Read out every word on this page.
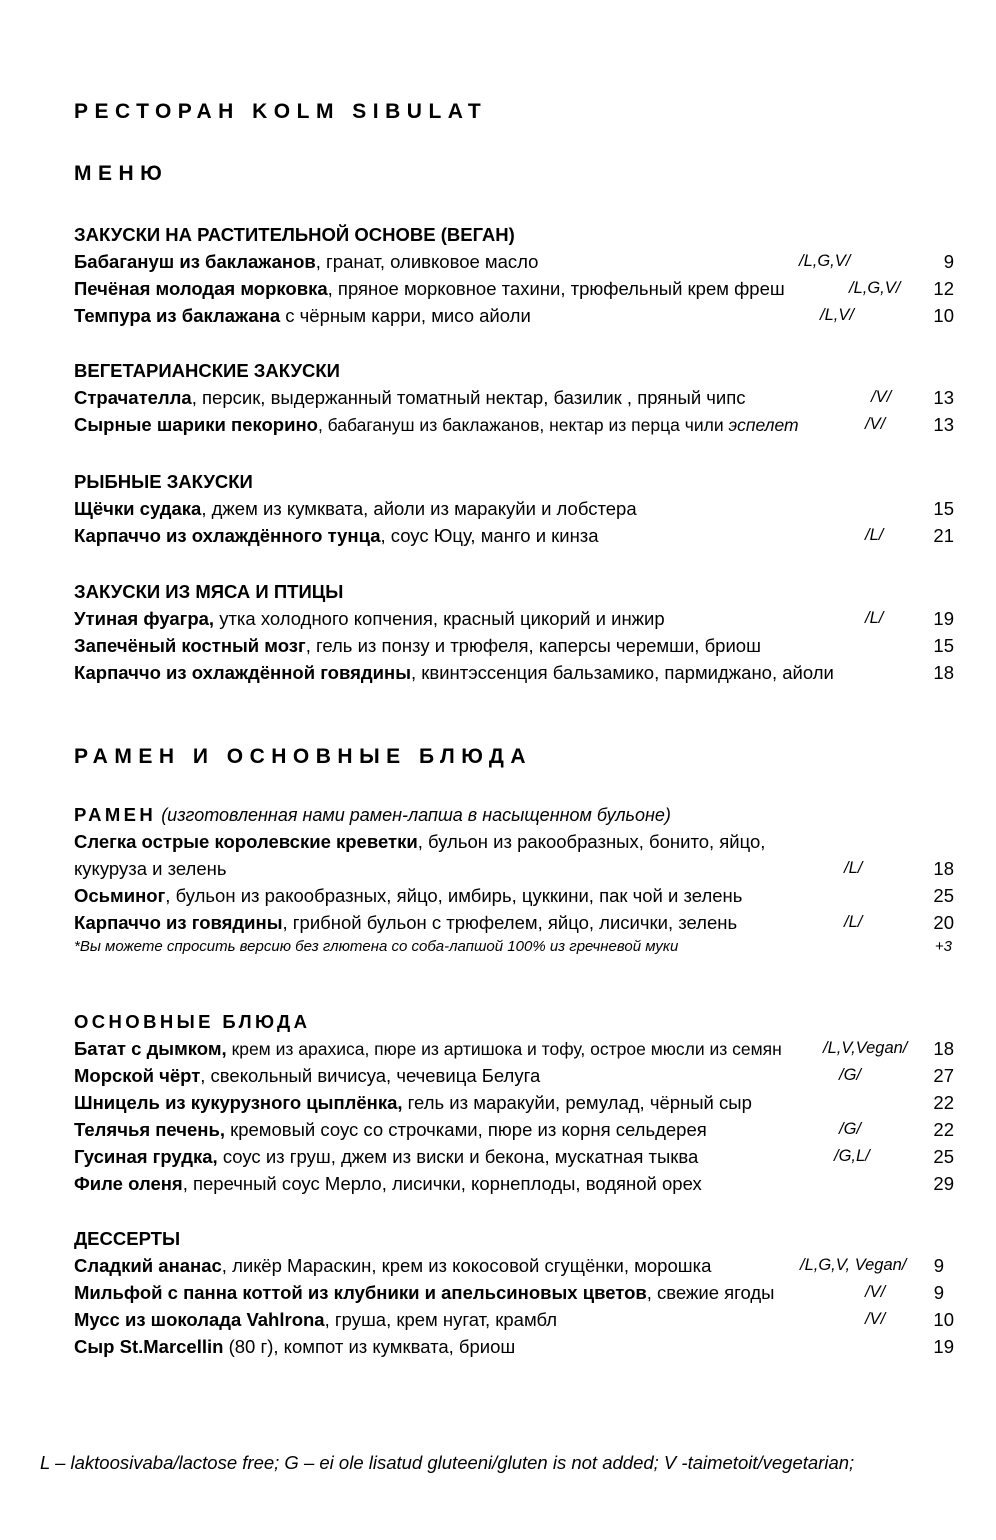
РЕСТОРАН KOLM SIBULAT
МЕНЮ
ЗАКУСКИ НА РАСТИТЕЛЬНОЙ ОСНОВЕ (ВЕГАН)
Бабагануш из баклажанов, гранат, оливковое масло	/L,G,V/	9
Печёная молодая морковка, пряное морковное тахини, трюфельный крем фреш	/L,G,V/ 12
Темпура из баклажана с чёрным карри, мисо айоли	/L,V/	10
ВЕГЕТАРИАНСКИЕ ЗАКУСКИ
Страчателла, персик, выдержанный томатный нектар, базилик , пряный чипс	/V/ 13
Сырные шарики пекорино, бабагануш из баклажанов, нектар из перца чили эспелет	/V/	13
РЫБНЫЕ ЗАКУСКИ
Щёчки судака, джем из кумквата, айоли из маракуйи и лобстера	15
Карпаччо из охлаждённого тунца, соус Юцу, манго и кинза	/L/	21
ЗАКУСКИ ИЗ МЯСА И ПТИЦЫ
Утиная фуагра, утка холодного копчения, красный цикорий и инжир	/L/	19
Запечёный костный мозг, гель из понзу и трюфеля, каперсы черемши, бриош	15
Карпаччо из охлаждённой говядины, квинтэссенция бальзамико, пармиджано, айоли	18
РАМЕН И ОСНОВНЫЕ БЛЮДА
РАМЕН (изготовленная нами рамен-лапша в насыщенном бульоне)
Слегка острые королевские креветки, бульон из ракообразных, бонито, яйцо,
кукуруза и зелень	/L/	18
Осьминог, бульон из ракообразных, яйцо, имбирь, цуккини, пак чой и зелень	25
Карпаччо из говядины, грибной бульон с трюфелем, яйцо, лисички, зелень	/L/	20
*Вы можете спросить версию без глютена со соба-лапшой 100% из гречневой муки	+3
ОСНОВНЫЕ БЛЮДА
Батат с дымком, крем из арахиса, пюре из артишока и тофу, острое мюсли из семян /L,V,Vegan/ 18
Морской чёрт, свекольный вичисуа, чечевица Белуга	/G/	27
Шницель из кукурузного цыплёнка, гель из маракуйи, ремулад, чёрный сыр	22
Телячья печень, кремовый соус со строчками, пюре из корня сельдерея	/G/	22
Гусиная грудка, соус из груш, джем из виски и бекона, мускатная тыква	/G,L/	25
Филе оленя, перечный соус Мерло, лисички, корнеплоды, водяной орех	29
ДЕССЕРТЫ
Сладкий ананас, ликёр Мараскин, крем из кокосовой сгущёнки, морошка	/L,G,V, Vegan/ 9
Мильфой с панна коттой из клубники и апельсиновых цветов, свежие ягоды	/V/	9
Мусс из шоколада Vahlrona, груша, крем нугат, крамбл	/V/	10
Сыр St.Marcellin (80 г), компот из кумквата, бриош	19
L – laktoosivaba/lactose free; G – ei ole lisatud gluteeni/gluten is not added; V -taimetoit/vegetarian;
